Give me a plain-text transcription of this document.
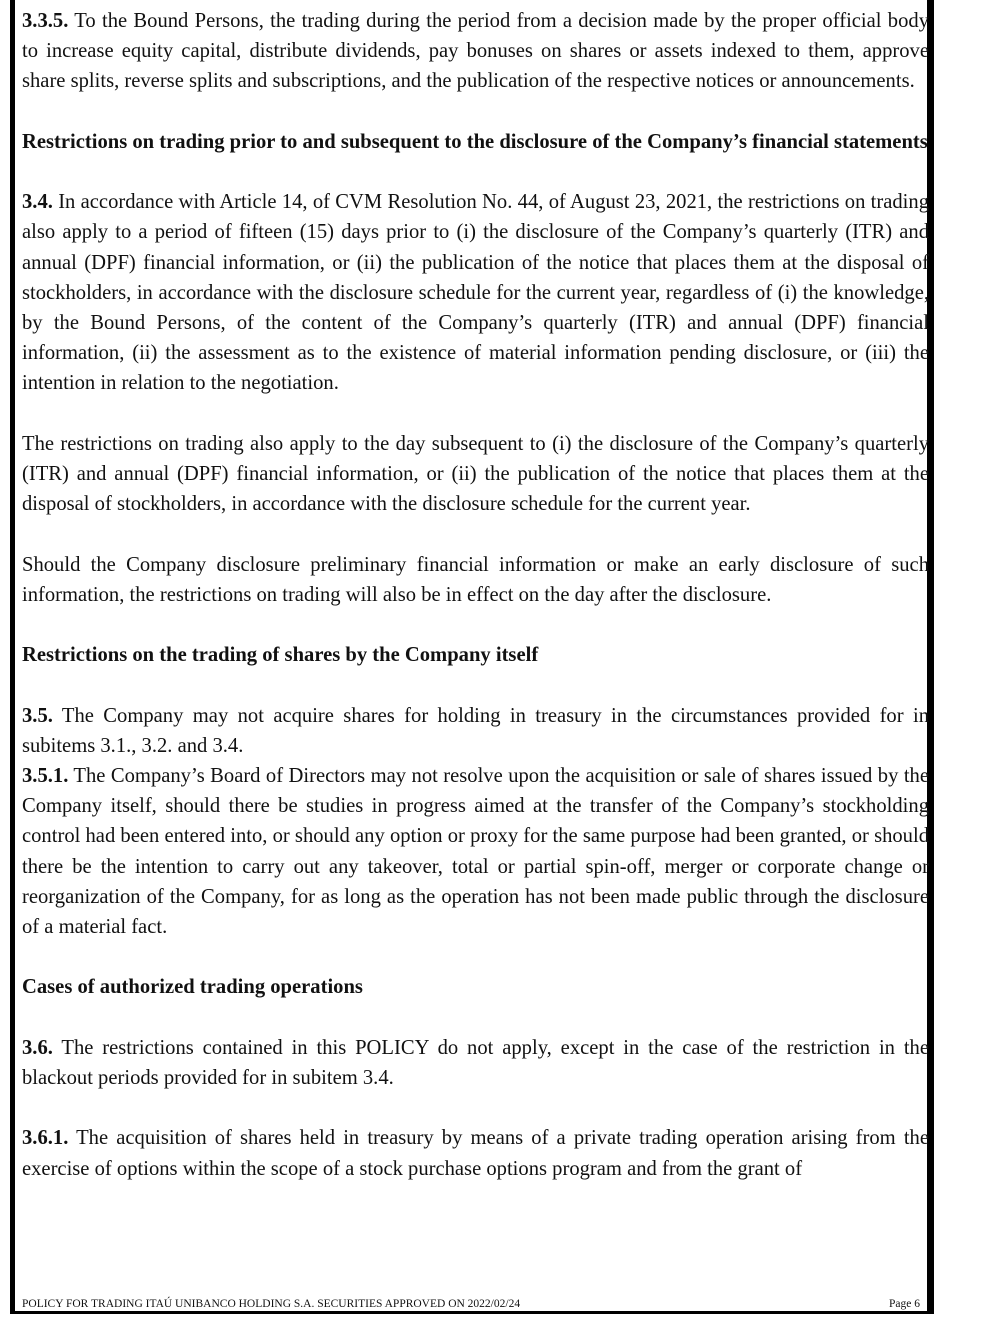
3.3.5. To the Bound Persons, the trading during the period from a decision made by the proper official body to increase equity capital, distribute dividends, pay bonuses on shares or assets indexed to them, approve share splits, reverse splits and subscriptions, and the publication of the respective notices or announcements.

Restrictions on trading prior to and subsequent to the disclosure of the Company’s financial statements

3.4. In accordance with Article 14, of CVM Resolution No. 44, of August 23, 2021, the restrictions on trading also apply to a period of fifteen (15) days prior to (i) the disclosure of the Company’s quarterly (ITR) and annual (DPF) financial information, or (ii) the publication of the notice that places them at the disposal of stockholders, in accordance with the disclosure schedule for the current year, regardless of (i) the knowledge, by the Bound Persons, of the content of the Company’s quarterly (ITR) and annual (DPF) financial information, (ii) the assessment as to the existence of material information pending disclosure, or (iii) the intention in relation to the negotiation.

The restrictions on trading also apply to the day subsequent to (i) the disclosure of the Company’s quarterly (ITR) and annual (DPF) financial information, or (ii) the publication of the notice that places them at the disposal of stockholders, in accordance with the disclosure schedule for the current year.

Should the Company disclosure preliminary financial information or make an early disclosure of such information, the restrictions on trading will also be in effect on the day after the disclosure.

Restrictions on the trading of shares by the Company itself

3.5. The Company may not acquire shares for holding in treasury in the circumstances provided for in subitems 3.1., 3.2. and 3.4.

3.5.1. The Company’s Board of Directors may not resolve upon the acquisition or sale of shares issued by the Company itself, should there be studies in progress aimed at the transfer of the Company’s stockholding control had been entered into, or should any option or proxy for the same purpose had been granted, or should there be the intention to carry out any takeover, total or partial spin-off, merger or corporate change or reorganization of the Company, for as long as the operation has not been made public through the disclosure of a material fact.

Cases of authorized trading operations

3.6. The restrictions contained in this POLICY do not apply, except in the case of the restriction in the blackout periods provided for in subitem 3.4.

3.6.1. The acquisition of shares held in treasury by means of a private trading operation arising from the exercise of options within the scope of a stock purchase options program and from the grant of

POLICY FOR TRADING ITAÚ UNIBANCO HOLDING S.A. SECURITIES APPROVED ON 2022/02/24	Page 6
